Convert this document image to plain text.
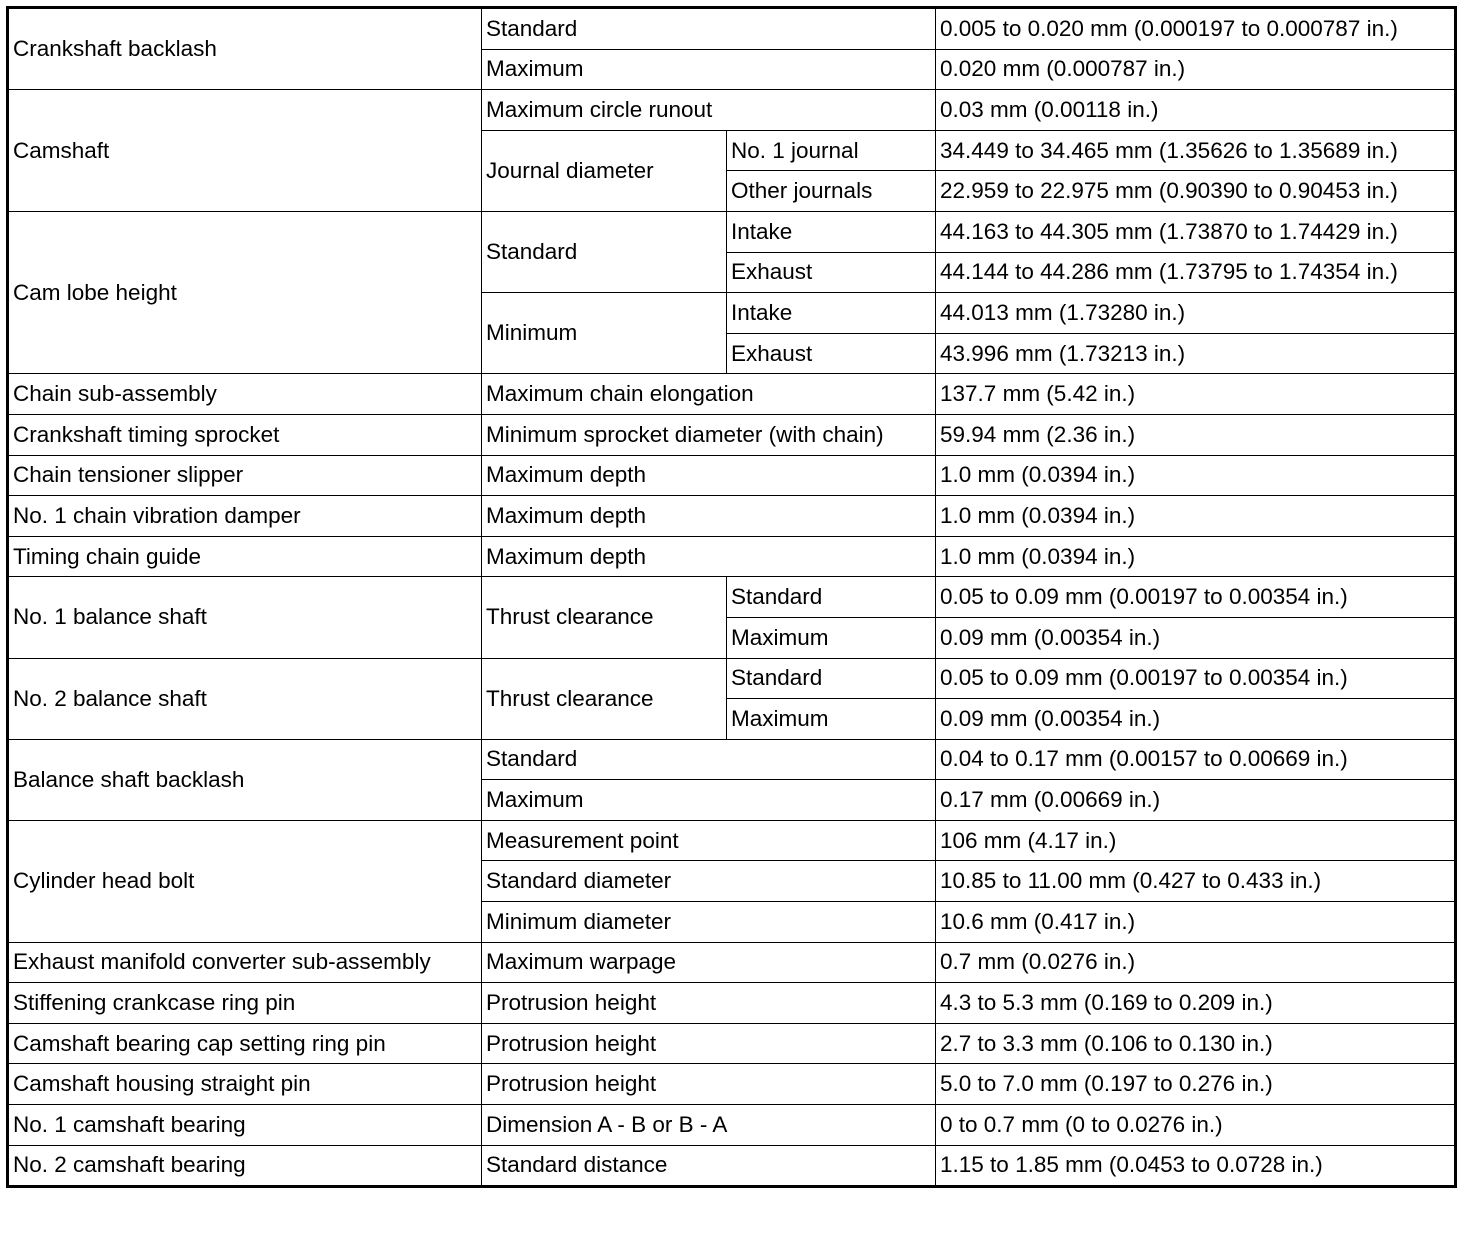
Crankshaft backlash	Standard		0.005 to 0.020 mm (0.000197 to 0.000787 in.)
	Maximum		0.020 mm (0.000787 in.)
Camshaft	Maximum circle runout		0.03 mm (0.00118 in.)
	Journal diameter	No. 1 journal	34.449 to 34.465 mm (1.35626 to 1.35689 in.)
		Other journals	22.959 to 22.975 mm (0.90390 to 0.90453 in.)
Cam lobe height	Standard	Intake	44.163 to 44.305 mm (1.73870 to 1.74429 in.)
		Exhaust	44.144 to 44.286 mm (1.73795 to 1.74354 in.)
	Minimum	Intake	44.013 mm (1.73280 in.)
		Exhaust	43.996 mm (1.73213 in.)
Chain sub-assembly	Maximum chain elongation		137.7 mm (5.42 in.)
Crankshaft timing sprocket	Minimum sprocket diameter (with chain)		59.94 mm (2.36 in.)
Chain tensioner slipper	Maximum depth		1.0 mm (0.0394 in.)
No. 1 chain vibration damper	Maximum depth		1.0 mm (0.0394 in.)
Timing chain guide	Maximum depth		1.0 mm (0.0394 in.)
No. 1 balance shaft	Thrust clearance	Standard	0.05 to 0.09 mm (0.00197 to 0.00354 in.)
		Maximum	0.09 mm (0.00354 in.)
No. 2 balance shaft	Thrust clearance	Standard	0.05 to 0.09 mm (0.00197 to 0.00354 in.)
		Maximum	0.09 mm (0.00354 in.)
Balance shaft backlash	Standard		0.04 to 0.17 mm (0.00157 to 0.00669 in.)
	Maximum		0.17 mm (0.00669 in.)
Cylinder head bolt	Measurement point		106 mm (4.17 in.)
	Standard diameter		10.85 to 11.00 mm (0.427 to 0.433 in.)
	Minimum diameter		10.6 mm (0.417 in.)
Exhaust manifold converter sub-assembly	Maximum warpage		0.7 mm (0.0276 in.)
Stiffening crankcase ring pin	Protrusion height		4.3 to 5.3 mm (0.169 to 0.209 in.)
Camshaft bearing cap setting ring pin	Protrusion height		2.7 to 3.3 mm (0.106 to 0.130 in.)
Camshaft housing straight pin	Protrusion height		5.0 to 7.0 mm (0.197 to 0.276 in.)
No. 1 camshaft bearing	Dimension A - B or B - A		0 to 0.7 mm (0 to 0.0276 in.)
No. 2 camshaft bearing	Standard distance		1.15 to 1.85 mm (0.0453 to 0.0728 in.)
